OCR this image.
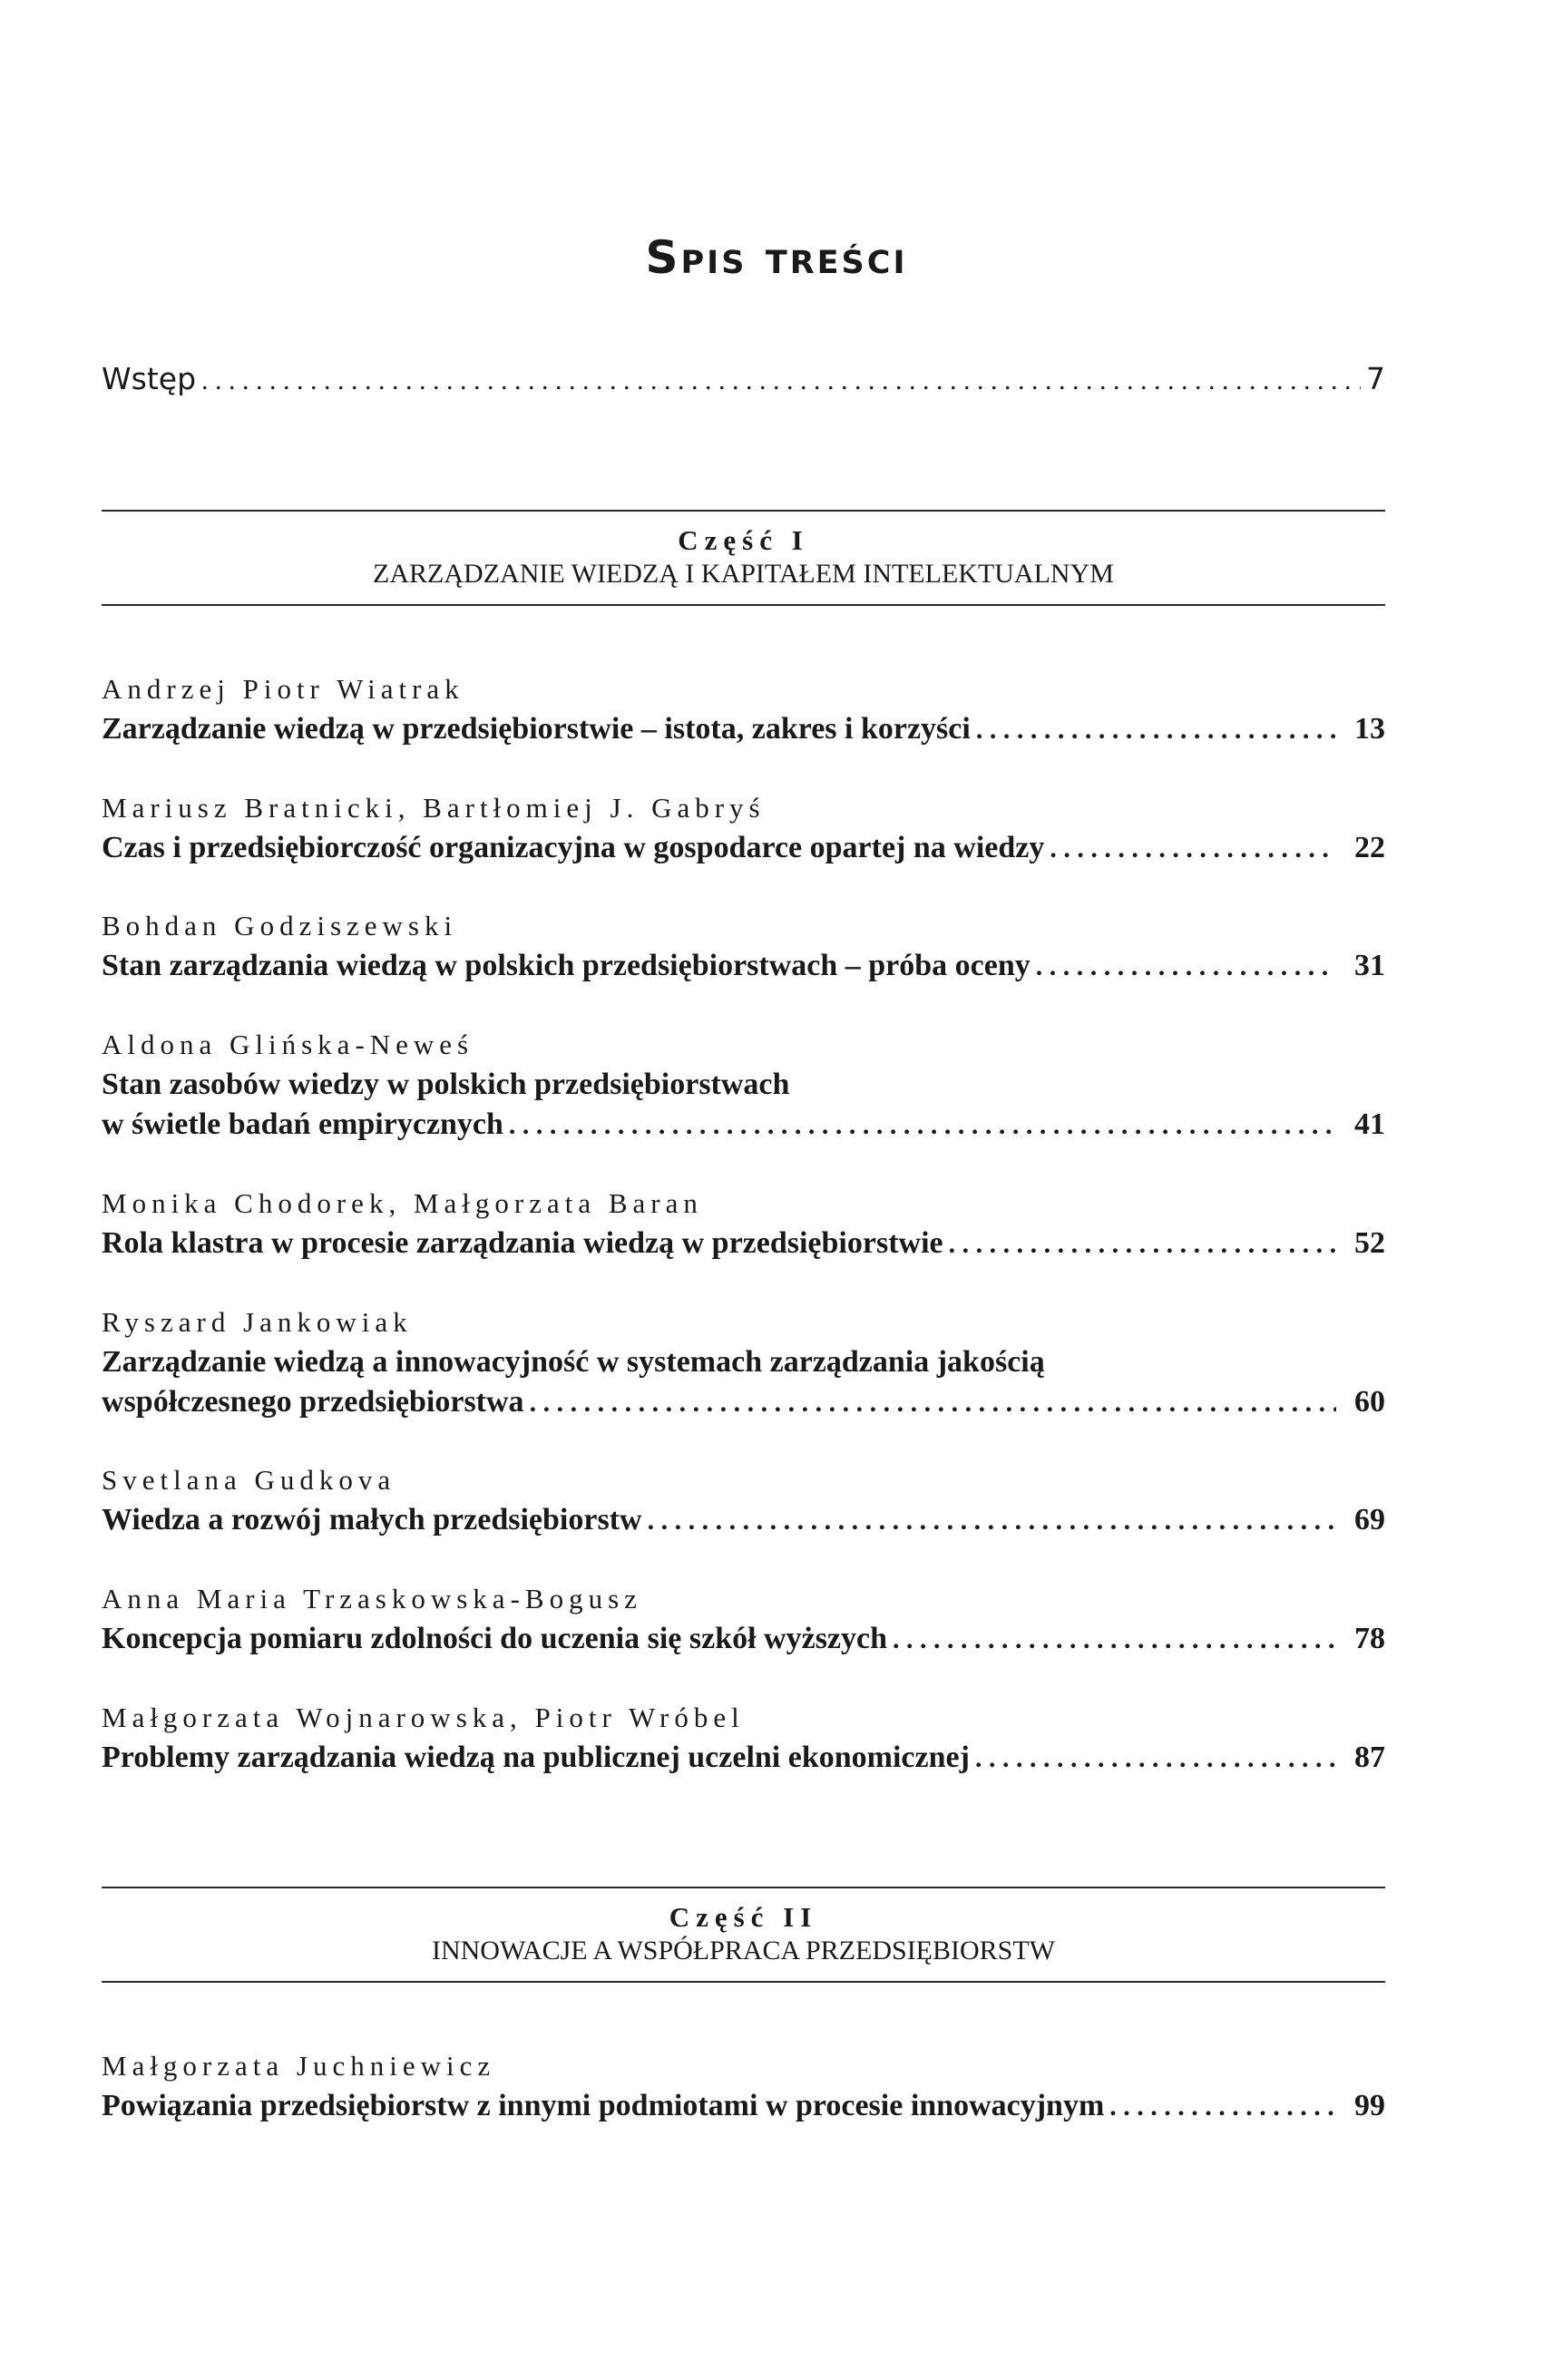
Spis treści
Wstęp . . .	7
Część I
ZARZĄDZANIE WIEDZĄ I KAPITAŁEM INTELEKTUALNYM
Andrzej Piotr Wiatrak
Zarządzanie wiedzą w przedsiębiorstwie – istota, zakres i korzyści . . .	13
Mariusz Bratnicki, Bartłomiej J. Gabryś
Czas i przedsiębiorczość organizacyjna w gospodarce opartej na wiedzy . . .	22
Bohdan Godziszewski
Stan zarządzania wiedzą w polskich przedsiębiorstwach – próba oceny . . .	31
Aldona Glińska-Neweś
Stan zasobów wiedzy w polskich przedsiębiorstwach
w świetle badań empirycznych . . .	41
Monika Chodorek, Małgorzata Baran
Rola klastra w procesie zarządzania wiedzą w przedsiębiorstwie . . .	52
Ryszard Jankowiak
Zarządzanie wiedzą a innowacyjność w systemach zarządzania jakością
współczesnego przedsiębiorstwa . . .	60
Svetlana Gudkova
Wiedza a rozwój małych przedsiębiorstw . . .	69
Anna Maria Trzaskowska-Bogusz
Koncepcja pomiaru zdolności do uczenia się szkół wyższych . . .	78
Małgorzata Wojnarowska, Piotr Wróbel
Problemy zarządzania wiedzą na publicznej uczelni ekonomicznej . . .	87
Część II
INNOWACJE A WSPÓŁPRACA PRZEDSIĘBIORSTW
Małgorzata Juchniewicz
Powiązania przedsiębiorstw z innymi podmiotami w procesie innowacyjnym . . .	99
